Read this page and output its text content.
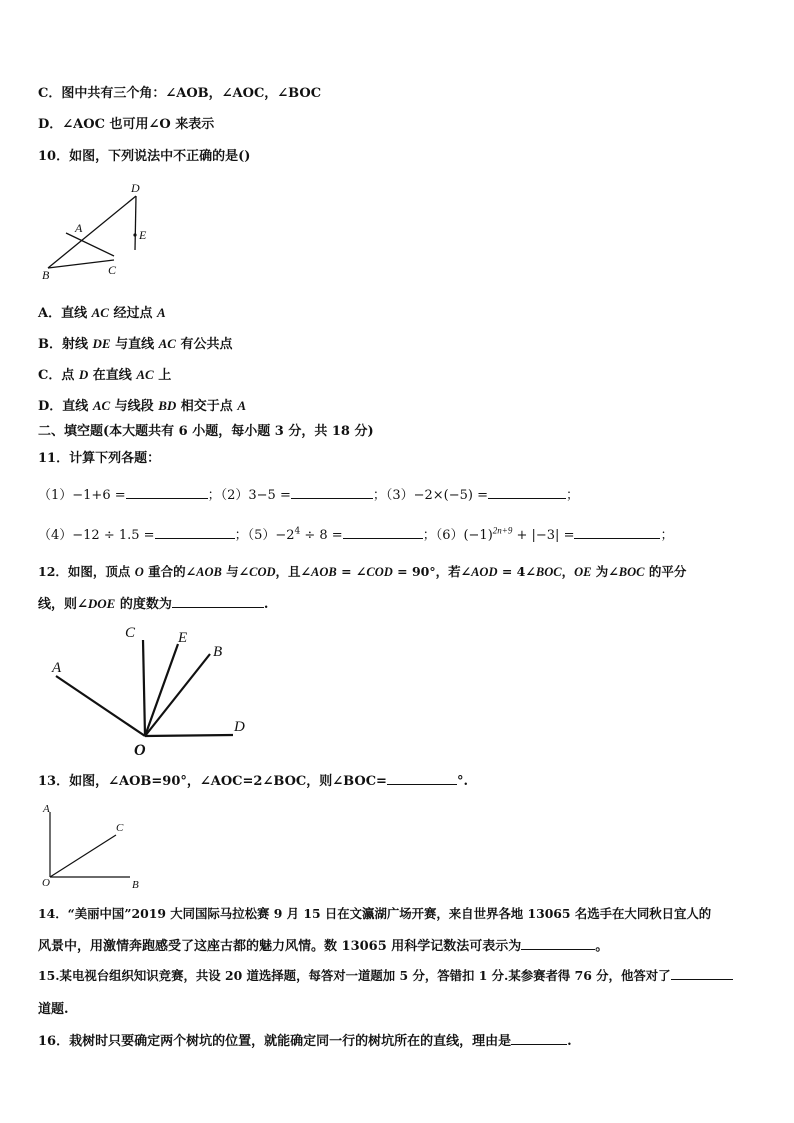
C．图中共有三个角：∠AOB，∠AOC，∠BOC
D．∠AOC 也可用∠O 来表示
10．如图，下列说法中不正确的是()
D
E
A
B	C
A．直线 AC 经过点 A
B．射线 DE 与直线 AC 有公共点
C．点 D 在直线 AC 上
D．直线 AC 与线段 BD 相交于点 A
二、填空题(本大题共有 6 小题，每小题 3 分，共 18 分)
11．计算下列各题：
（1）−1+6 =	；（2）3−5 =	；（3）−2×(−5) =	；
（4）−12 ÷ 1.5 =	；$(5)-2^4 \div 8$ =	；$(6)(-1)^{2n+9} + |-3|$ =	；
12．如图，顶点 O 重合的∠AOB 与∠COD，且∠AOB = ∠COD = 90°，若∠AOD = 4∠BOC，OE 为∠BOC 的平分
线，则∠DOE 的度数为	.
A
C	E
B
D
O
13．如图，∠AOB=90°，∠AOC=2∠BOC，则∠BOC=	°.
A
C
O	B
14．“美丽中国”2019 大同国际马拉松赛 9 月 15 日在文瀛湖广场开赛，来自世界各地 13065 名选手在大同秋日宜人的
风景中，用激情奔跑感受了这座古都的魅力风情。数 13065 用科学记数法可表示为	。
15.某电视台组织知识竞赛，共设 20 道选择题，每答对一道题加 5 分，答错扣 1 分.某参赛者得 76 分，他答对了
道题.
16．栽树时只要确定两个树坑的位置，就能确定同一行的树坑所在的直线，理由是	.
